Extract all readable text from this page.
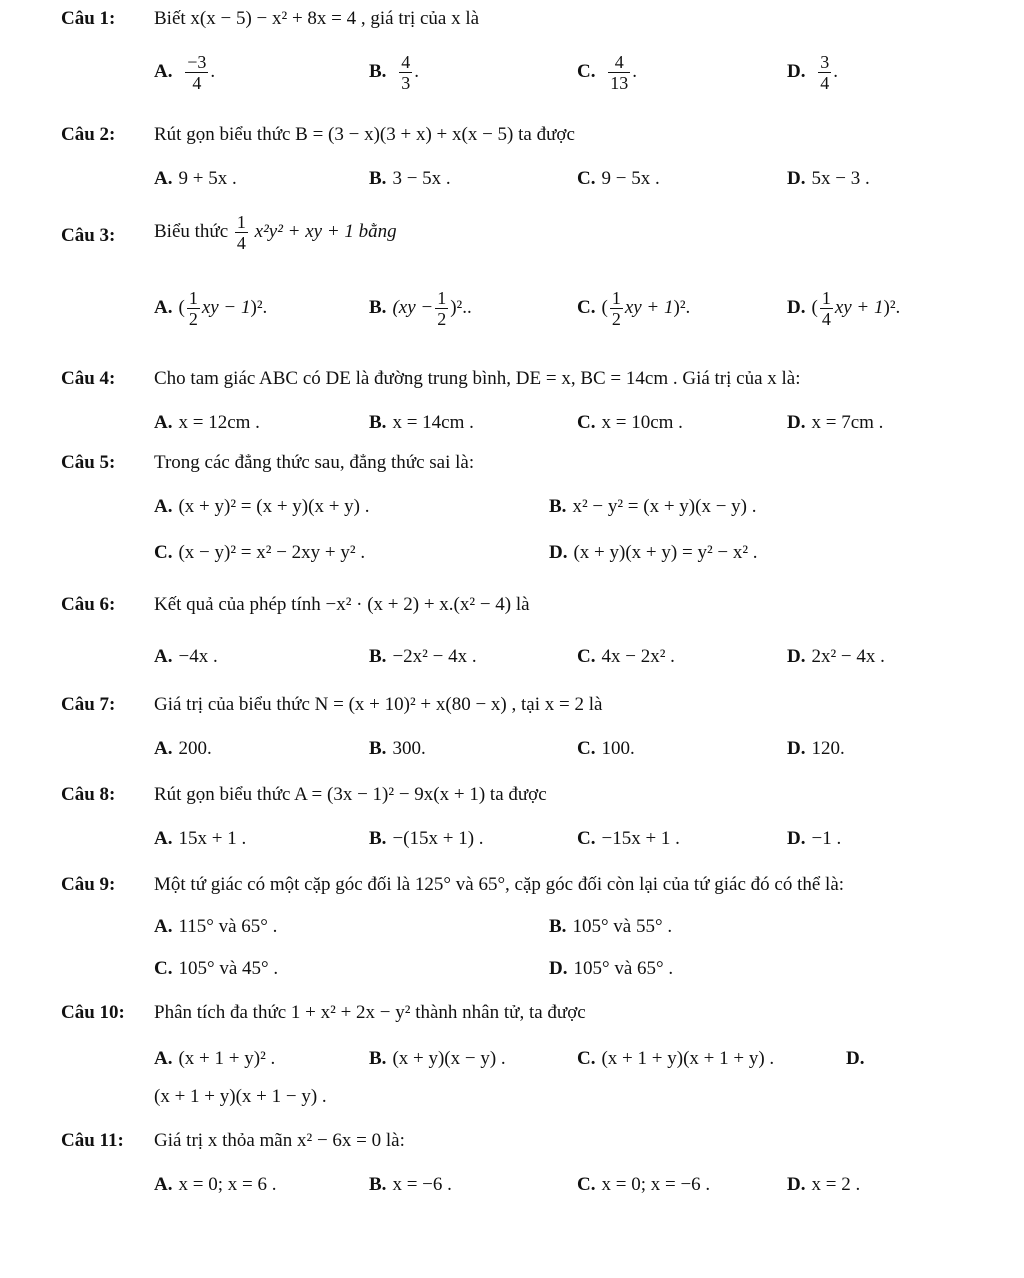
Câu 1: Biết x(x − 5) − x² + 8x = 4 , giá trị của x là
A. $\frac{-3}{4}$ .	B. $\frac{4}{3}$ .	C. $\frac{4}{13}$ .	D. $\frac{3}{4}$ .
Câu 2: Rút gọn biểu thức B = (3 − x)(3 + x) + x(x − 5) ta được
A. 9 + 5x .	B. 3 − 5x .	C. 9 − 5x .	D. 5x − 3 .
Câu 3: Biểu thức $\frac{1}{4} x^2y^2$ + xy + 1 bằng
A. ( $\frac{1}{2}$ xy − 1)².	B. $(xy - \frac{1}{2} )^2$..	C. ( $\frac{1}{2}$ xy + 1)².	D. ( $\frac{1}{4}$ xy + 1)².
Câu 4: Cho tam giác ABC có DE là đường trung bình, DE = x, BC = 14cm . Giá trị của x là:
A. x = 12cm .	B. x = 14cm .	C. x = 10cm .	D. x = 7cm .
Câu 5: Trong các đẳng thức sau, đẳng thức sai là:
A. (x + y)² = (x + y)(x + y) .	B. x² − y² = (x + y)(x − y) .
C. (x − y)² = x² − 2xy + y² .	D. (x + y)(x + y) = y² − x² .
Câu 6: Kết quả của phép tính −x² · (x + 2) + x.(x² − 4) là
A. −4x .	B. −2x² − 4x .	C. 4x − 2x² .	D. 2x² − 4x .
Câu 7: Giá trị của biểu thức N = (x + 10)² + x(80 − x) , tại x = 2 là
A. 200.	B. 300.	C. 100.	D. 120.
Câu 8: Rút gọn biểu thức A = (3x − 1)² − 9x(x + 1) ta được
A. 15x + 1 .	B. −(15x + 1) .	C. −15x + 1 .	D. −1 .
Câu 9: Một tứ giác có một cặp góc đối là 125° và 65°, cặp góc đối còn lại của tứ giác đó có thể là:
A. 115° và 65° .	B. 105° và 55° .
C. 105° và 45° .	D. 105° và 65° .
Câu 10: Phân tích đa thức 1 + x² + 2x − y² thành nhân tử, ta được
A. (x + 1 + y)² .	B. (x + y)(x − y) .	C. (x + 1 + y)(x + 1 + y) .	D.
(x + 1 + y)(x + 1 − y) .
Câu 11: Giá trị x thỏa mãn x² − 6x = 0 là:
A. x = 0; x = 6 .	B. x = −6 .	C. x = 0; x = −6 .	D. x = 2 .
